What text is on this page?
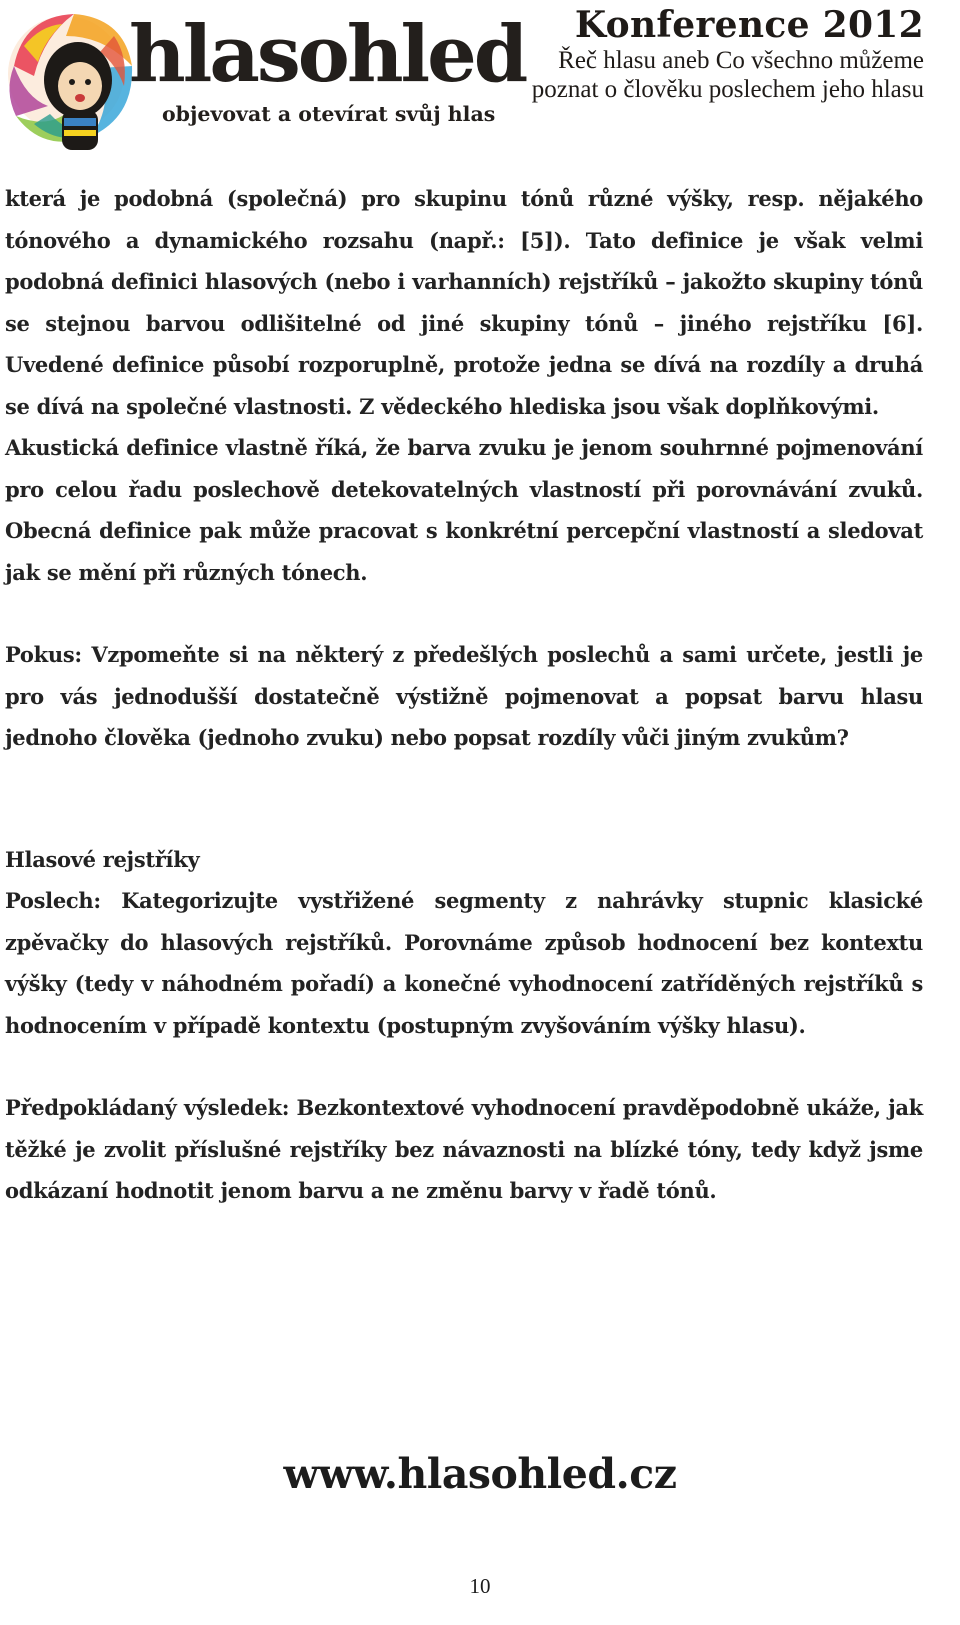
hlasohled
objevovat a otevírat svůj hlas
Konference 2012
Řeč hlasu aneb Co všechno můžeme poznat o člověku poslechem jeho hlasu

která je podobná (společná) pro skupinu tónů různé výšky, resp. nějakého tónového a dynamického rozsahu (např.: [5]). Tato definice je však velmi podobná definici hlasových (nebo i varhanních) rejstříků – jakožto skupiny tónů se stejnou barvou odlišitelné od jiné skupiny tónů – jiného rejstříku [6]. Uvedené definice působí rozporuplně, protože jedna se dívá na rozdíly a druhá se dívá na společné vlastnosti. Z vědeckého hlediska jsou však doplňkovými.

Akustická definice vlastně říká, že barva zvuku je jenom souhrnné pojmenování pro celou řadu poslechově detekovatelných vlastností při porovnávání zvuků. Obecná definice pak může pracovat s konkrétní percepční vlastností a sledovat jak se mění při různých tónech.

Pokus: Vzpomeňte si na některý z předešlých poslechů a sami určete, jestli je pro vás jednodušší dostatečně výstižně pojmenovat a popsat barvu hlasu jednoho člověka (jednoho zvuku) nebo popsat rozdíly vůči jiným zvukům?

Hlasové rejstříky

Poslech: Kategorizujte vystřižené segmenty z nahrávky stupnic klasické zpěvačky do hlasových rejstříků. Porovnáme způsob hodnocení bez kontextu výšky (tedy v náhodném pořadí) a konečné vyhodnocení zatříděných rejstříků s hodnocením v případě kontextu (postupným zvyšováním výšky hlasu).

Předpokládaný výsledek: Bezkontextové vyhodnocení pravděpodobně ukáže, jak těžké je zvolit příslušné rejstříky bez návaznosti na blízké tóny, tedy když jsme odkázaní hodnotit jenom barvu a ne změnu barvy v řadě tónů.

www.hlasohled.cz
10
